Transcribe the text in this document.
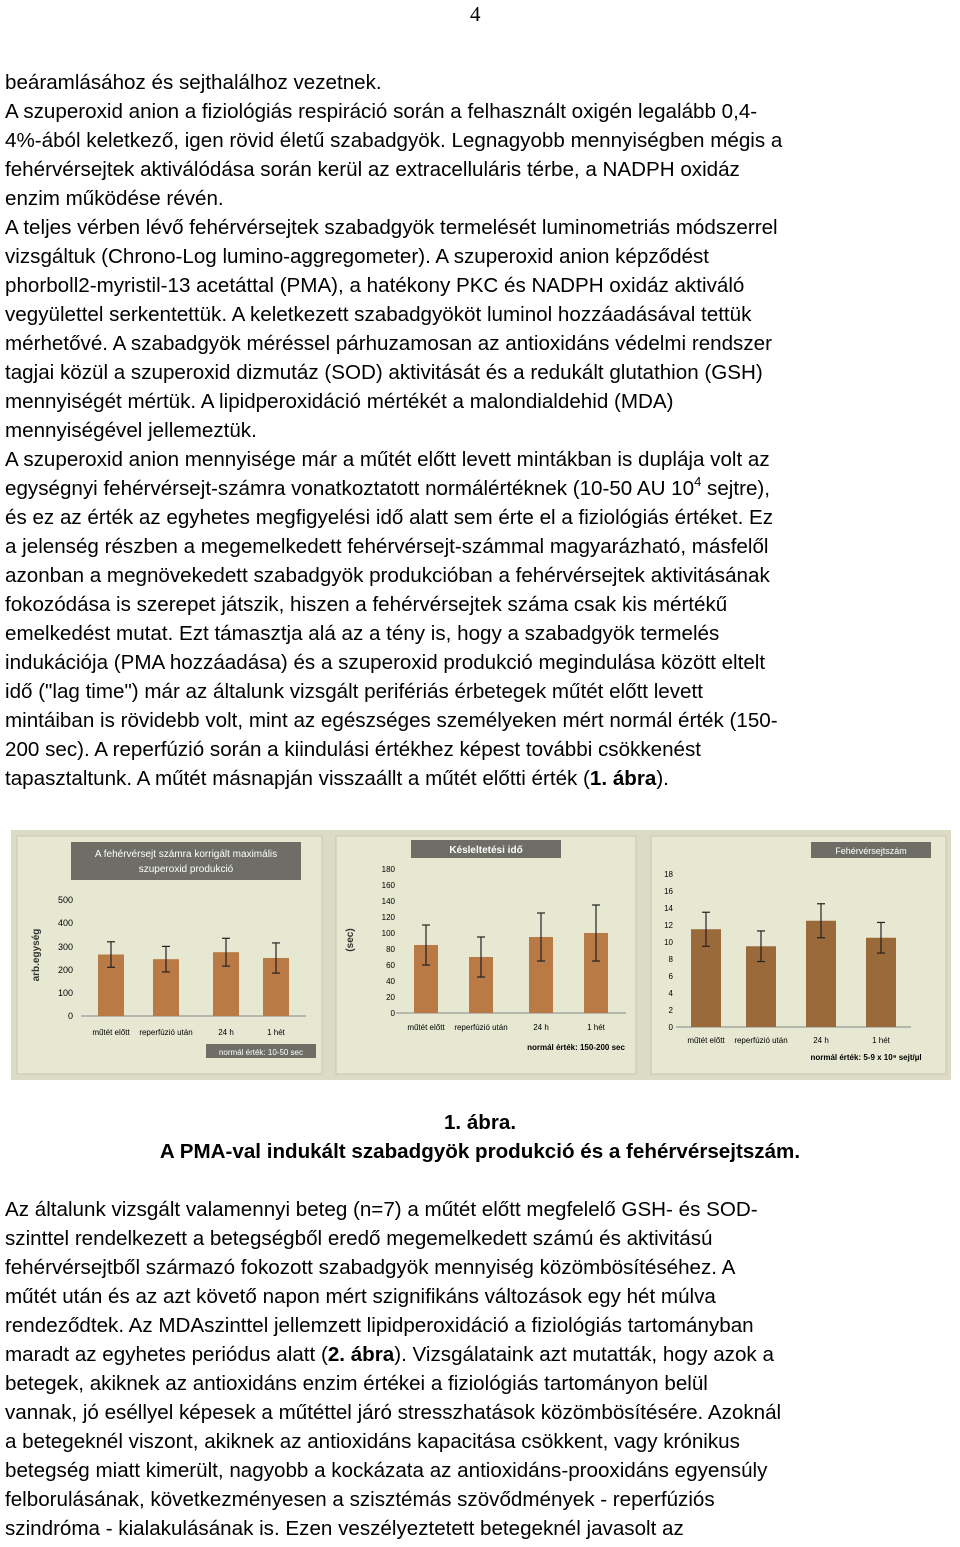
4
beáramlásához és sejthalálhoz vezetnek.
A szuperoxid anion a fiziológiás respiráció során a felhasznált oxigén legalább 0,4-
4%-ából keletkező, igen rövid életű szabadgyök. Legnagyobb mennyiségben mégis a
fehérvérsejtek aktiválódása során kerül az extracelluláris térbe, a NADPH oxidáz
enzim működése révén.
A teljes vérben lévő fehérvérsejtek szabadgyök termelését luminometriás módszerrel
vizsgáltuk (Chrono-Log lumino-aggregometer). A szuperoxid anion képződést
phorboll2-myristil-13 acetáttal (PMA), a hatékony PKC és NADPH oxidáz aktiváló
vegyülettel serkentettük. A keletkezett szabadgyököt luminol hozzáadásával tettük
mérhetővé. A szabadgyök méréssel párhuzamosan az antioxidáns védelmi rendszer
tagjai közül a szuperoxid dizmutáz (SOD) aktivitását és a redukált glutathion (GSH)
mennyiségét mértük. A lipidperoxidáció mértékét a malondialdehid (MDA)
mennyiségével jellemeztük.
A szuperoxid anion mennyisége már a műtét előtt levett mintákban is duplája volt az
egységnyi fehérvérsejt-számra vonatkoztatott normálértéknek (10-50 AU $10^4$ sejtre),
és ez az érték az egyhetes megfigyelési idő alatt sem érte el a fiziológiás értéket. Ez
a jelenség részben a megemelkedett fehérvérsejt-számmal magyarázható, másfelől
azonban a megnövekedett szabadgyök produkcióban a fehérvérsejtek aktivitásának
fokozódása is szerepet játszik, hiszen a fehérvérsejtek száma csak kis mértékű
emelkedést mutat. Ezt támasztja alá az a tény is, hogy a szabadgyök termelés
indukációja (PMA hozzáadása) és a szuperoxid produkció megindulása között eltelt
idő ("lag time") már az általunk vizsgált perifériás érbetegek műtét előtt levett
mintáiban is rövidebb volt, mint az egészséges személyeken mért normál érték (150-
200 sec). A reperfúzió során a kiindulási értékhez képest további csökkenést
tapasztaltunk. A műtét másnapján visszaállt a műtét előtti érték (1. ábra).
A fehérvérsejt számra korrigált maximális
szuperoxid produkció
arb.egység
500
400
300
200
100
0
műtét előtt reperfúzió után	24 h	1 hét
normál érték: 10-50 sec
Késleltetési idő
(sec)
180
160
140
120
100
80
60
40
20
0
műtét előtt reperfúzió után	24 h	1 hét
normál érték: 150-200 sec
Fehérvérsejtszám
18
16
14
12
10
8
6
4
2
0
műtét előtt reperfúzió után	24 h	1 hét
normál érték: 5-9 x 10⁹ sejt/µl
1. ábra.
A PMA-val indukált szabadgyök produkció és a fehérvérsejtszám.
Az általunk vizsgált valamennyi beteg (n=7) a műtét előtt megfelelő GSH- és SOD-
szinttel rendelkezett a betegségből eredő megemelkedett számú és aktivitású
fehérvérsejtből származó fokozott szabadgyök mennyiség közömbösítéséhez. A
műtét után és az azt követő napon mért szignifikáns változások egy hét múlva
rendeződtek. Az MDAszinttel jellemzett lipidperoxidáció a fiziológiás tartományban
maradt az egyhetes periódus alatt (2. ábra). Vizsgálataink azt mutatták, hogy azok a
betegek, akiknek az antioxidáns enzim értékei a fiziológiás tartományon belül
vannak, jó eséllyel képesek a műtéttel járó stresszhatások közömbösítésére. Azoknál
a betegeknél viszont, akiknek az antioxidáns kapacitása csökkent, vagy krónikus
betegség miatt kimerült, nagyobb a kockázata az antioxidáns-prooxidáns egyensúly
felborulásának, következményesen a szisztémás szövődmények - reperfúziós
szindróma - kialakulásának is. Ezen veszélyeztetett betegeknél javasolt az
